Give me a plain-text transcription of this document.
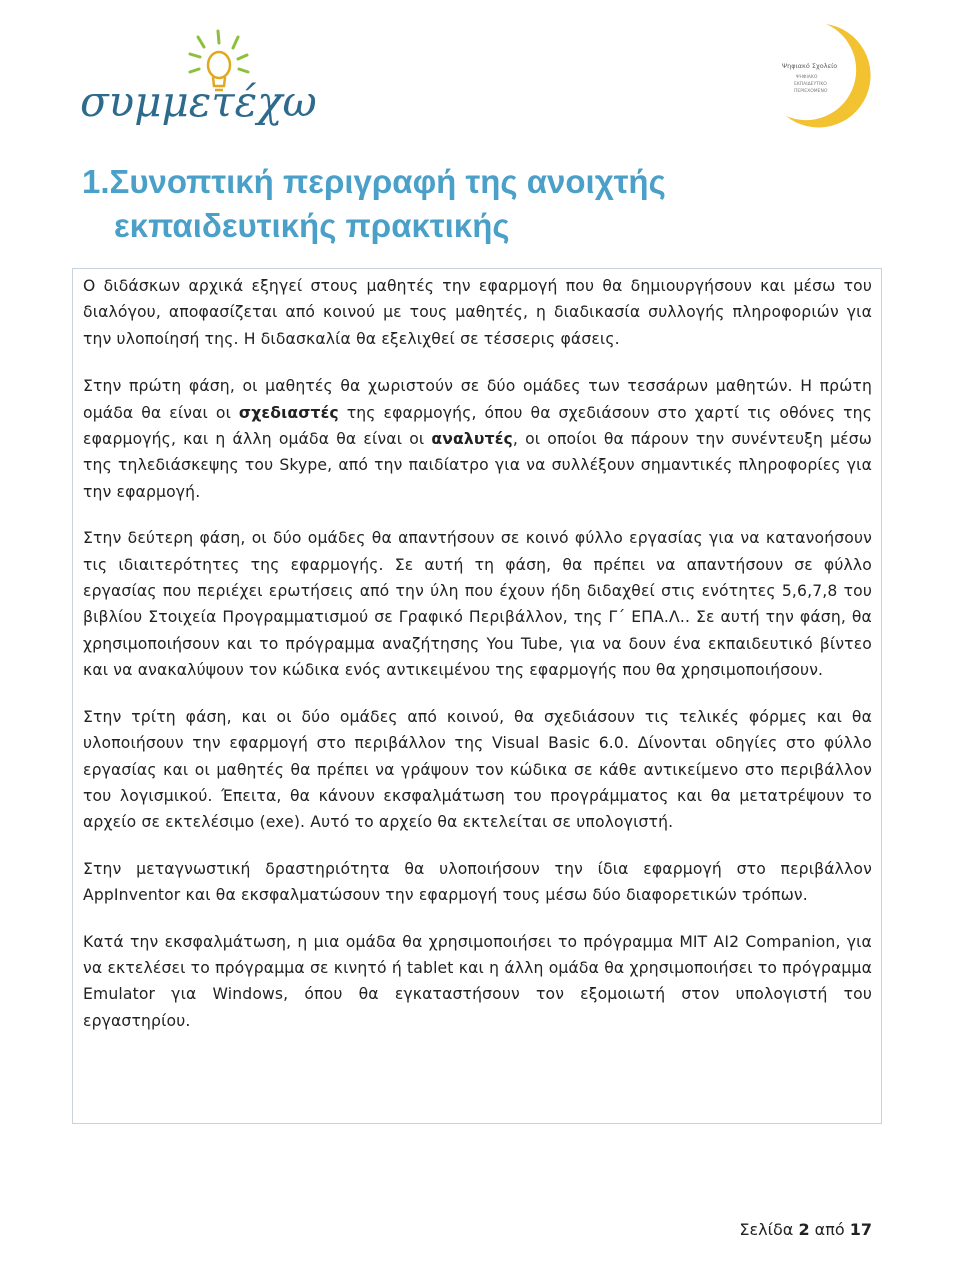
συμμετέχω
Ψηφιακό Σχολείο
ΨΗΦΙΑΚΟ
ΕΚΠΑΙΔΕΥΤΙΚΟ
ΠΕΡΙΕΧΟΜΕΝΟ
1.Συνοπτική περιγραφή της ανοιχτής
εκπαιδευτικής πρακτικής

Ο διδάσκων αρχικά εξηγεί στους μαθητές την εφαρμογή που θα δημιουργήσουν και μέσω του διαλόγου, αποφασίζεται από κοινού με τους μαθητές, η διαδικασία συλλογής πληροφοριών για την υλοποίησή της. Η διδασκαλία θα εξελιχθεί σε τέσσερις φάσεις.

Στην πρώτη φάση, οι μαθητές θα χωριστούν σε δύο ομάδες των τεσσάρων μαθητών. Η πρώτη ομάδα θα είναι οι σχεδιαστές της εφαρμογής, όπου θα σχεδιάσουν στο χαρτί τις οθόνες της εφαρμογής, και η άλλη ομάδα θα είναι οι αναλυτές, οι οποίοι θα πάρουν την συνέντευξη μέσω της τηλεδιάσκεψης του Skype, από την παιδίατρο για να συλλέξουν σημαντικές πληροφορίες για την εφαρμογή.

Στην δεύτερη φάση, οι δύο ομάδες θα απαντήσουν σε κοινό φύλλο εργασίας για να κατανοήσουν τις ιδιαιτερότητες της εφαρμογής. Σε αυτή τη φάση, θα πρέπει να απαντήσουν σε φύλλο εργασίας που περιέχει ερωτήσεις από την ύλη που έχουν ήδη διδαχθεί στις ενότητες 5,6,7,8 του βιβλίου Στοιχεία Προγραμματισμού σε Γραφικό Περιβάλλον, της Γ΄ ΕΠΑ.Λ.. Σε αυτή την φάση, θα χρησιμοποιήσουν και το πρόγραμμα αναζήτησης You Tube, για να δουν ένα εκπαιδευτικό βίντεο και να ανακαλύψουν τον κώδικα ενός αντικειμένου της εφαρμογής που θα χρησιμοποιήσουν.

Στην τρίτη φάση, και οι δύο ομάδες από κοινού, θα σχεδιάσουν τις τελικές φόρμες και θα υλοποιήσουν την εφαρμογή στο περιβάλλον της Visual Basic 6.0. Δίνονται οδηγίες στο φύλλο εργασίας και οι μαθητές θα πρέπει να γράψουν τον κώδικα σε κάθε αντικείμενο στο περιβάλλον του λογισμικού. Έπειτα, θα κάνουν εκσφαλμάτωση του προγράμματος και θα μετατρέψουν το αρχείο σε εκτελέσιμο (exe). Αυτό το αρχείο θα εκτελείται σε υπολογιστή.

Στην μεταγνωστική δραστηριότητα θα υλοποιήσουν την ίδια εφαρμογή στο περιβάλλον AppInventor και θα εκσφαλματώσουν την εφαρμογή τους μέσω δύο διαφορετικών τρόπων.

Κατά την εκσφαλμάτωση, η μια ομάδα θα χρησιμοποιήσει το πρόγραμμα MIT AI2 Companion, για να εκτελέσει το πρόγραμμα σε κινητό ή tablet και η άλλη ομάδα θα χρησιμοποιήσει το πρόγραμμα Emulator για Windows, όπου θα εγκαταστήσουν τον εξομοιωτή στον υπολογιστή του εργαστηρίου.

Σελίδα 2 από 17
